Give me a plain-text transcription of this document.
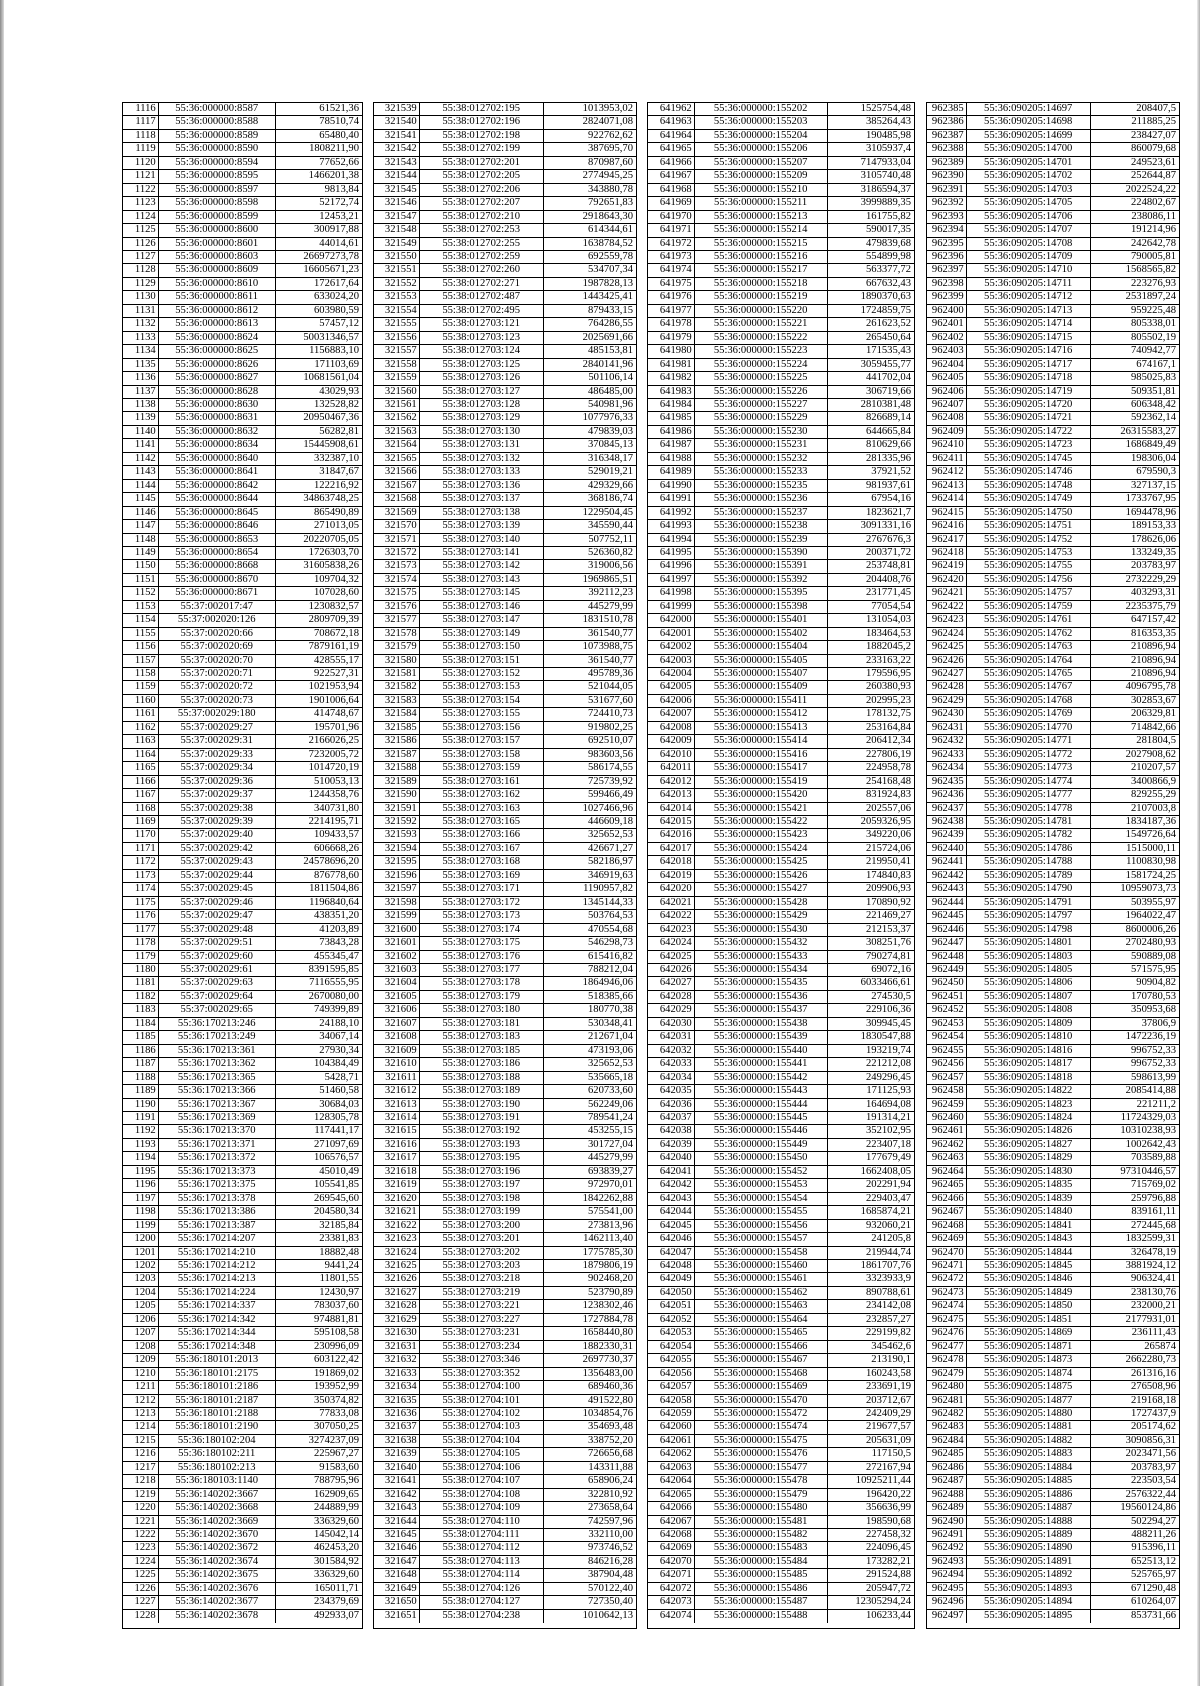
1116	55:36:000000:8587	61521,36
1117	55:36:000000:8588	78510,74
1118	55:36:000000:8589	65480,40
1119	55:36:000000:8590	1808211,90
1120	55:36:000000:8594	77652,66
1121	55:36:000000:8595	1466201,38
1122	55:36:000000:8597	9813,84
1123	55:36:000000:8598	52172,74
1124	55:36:000000:8599	12453,21
1125	55:36:000000:8600	300917,88
1126	55:36:000000:8601	44014,61
1127	55:36:000000:8603	26697273,78
1128	55:36:000000:8609	16605671,23
1129	55:36:000000:8610	172617,64
1130	55:36:000000:8611	633024,20
1131	55:36:000000:8612	603980,59
1132	55:36:000000:8613	57457,12
1133	55:36:000000:8624	50031346,57
1134	55:36:000000:8625	1156883,10
1135	55:36:000000:8626	171103,69
1136	55:36:000000:8627	10681561,04
1137	55:36:000000:8628	43029,93
1138	55:36:000000:8630	132528,82
1139	55:36:000000:8631	20950467,36
1140	55:36:000000:8632	56282,81
1141	55:36:000000:8634	15445908,61
1142	55:36:000000:8640	332387,10
1143	55:36:000000:8641	31847,67
1144	55:36:000000:8642	122216,92
1145	55:36:000000:8644	34863748,25
1146	55:36:000000:8645	865490,89
1147	55:36:000000:8646	271013,05
1148	55:36:000000:8653	20220705,05
1149	55:36:000000:8654	1726303,70
1150	55:36:000000:8668	31605838,26
1151	55:36:000000:8670	109704,32
1152	55:36:000000:8671	107028,60
1153	55:37:002017:47	1230832,57
1154	55:37:002020:126	2809709,39
1155	55:37:002020:66	708672,18
1156	55:37:002020:69	7879161,19
1157	55:37:002020:70	428555,17
1158	55:37:002020:71	922527,31
1159	55:37:002020:72	1021953,94
1160	55:37:002020:73	1901006,64
1161	55:37:002029:180	414748,67
1162	55:37:002029:27	195701,96
1163	55:37:002029:31	2166026,25
1164	55:37:002029:33	7232005,72
1165	55:37:002029:34	1014720,19
1166	55:37:002029:36	510053,13
1167	55:37:002029:37	1244358,76
1168	55:37:002029:38	340731,80
1169	55:37:002029:39	2214195,71
1170	55:37:002029:40	109433,57
1171	55:37:002029:42	606668,26
1172	55:37:002029:43	24578696,20
1173	55:37:002029:44	876778,60
1174	55:37:002029:45	1811504,86
1175	55:37:002029:46	1196840,64
1176	55:37:002029:47	438351,20
1177	55:37:002029:48	41203,89
1178	55:37:002029:51	73843,28
1179	55:37:002029:60	455345,47
1180	55:37:002029:61	8391595,85
1181	55:37:002029:63	7116555,95
1182	55:37:002029:64	2670080,00
1183	55:37:002029:65	749399,89
1184	55:36:170213:246	24188,10
1185	55:36:170213:249	34067,14
1186	55:36:170213:361	27930,34
1187	55:36:170213:362	104384,49
1188	55:36:170213:365	5428,71
1189	55:36:170213:366	51460,58
1190	55:36:170213:367	30684,03
1191	55:36:170213:369	128305,78
1192	55:36:170213:370	117441,17
1193	55:36:170213:371	271097,69
1194	55:36:170213:372	106576,57
1195	55:36:170213:373	45010,49
1196	55:36:170213:375	105541,85
1197	55:36:170213:378	269545,60
1198	55:36:170213:386	204580,34
1199	55:36:170213:387	32185,84
1200	55:36:170214:207	23381,83
1201	55:36:170214:210	18882,48
1202	55:36:170214:212	9441,24
1203	55:36:170214:213	11801,55
1204	55:36:170214:224	12430,97
1205	55:36:170214:337	783037,60
1206	55:36:170214:342	974881,81
1207	55:36:170214:344	595108,58
1208	55:36:170214:348	230996,09
1209	55:36:180101:2013	603122,42
1210	55:36:180101:2175	191869,02
1211	55:36:180101:2186	193952,99
1212	55:36:180101:2187	350374,82
1213	55:36:180101:2188	77833,08
1214	55:36:180101:2190	307050,25
1215	55:36:180102:204	3274237,09
1216	55:36:180102:211	225967,27
1217	55:36:180102:213	91583,60
1218	55:36:180103:1140	788795,96
1219	55:36:140202:3667	162909,65
1220	55:36:140202:3668	244889,99
1221	55:36:140202:3669	336329,60
1222	55:36:140202:3670	145042,14
1223	55:36:140202:3672	462453,20
1224	55:36:140202:3674	301584,92
1225	55:36:140202:3675	336329,60
1226	55:36:140202:3676	165011,71
1227	55:36:140202:3677	234379,69
1228	55:36:140202:3678	492933,07
321539	55:38:012702:195	1013953,02
321540	55:38:012702:196	2824071,08
321541	55:38:012702:198	922762,62
321542	55:38:012702:199	387695,70
321543	55:38:012702:201	870987,60
321544	55:38:012702:205	2774945,25
321545	55:38:012702:206	343880,78
321546	55:38:012702:207	792651,83
321547	55:38:012702:210	2918643,30
321548	55:38:012702:253	614344,61
321549	55:38:012702:255	1638784,52
321550	55:38:012702:259	692559,78
321551	55:38:012702:260	534707,34
321552	55:38:012702:271	1987828,13
321553	55:38:012702:487	1443425,41
321554	55:38:012702:495	879433,15
321555	55:38:012703:121	764286,55
321556	55:38:012703:123	2025691,66
321557	55:38:012703:124	485153,81
321558	55:38:012703:125	2840141,96
321559	55:38:012703:126	501106,14
321560	55:38:012703:127	486485,00
321561	55:38:012703:128	540981,96
321562	55:38:012703:129	1077976,33
321563	55:38:012703:130	479839,03
321564	55:38:012703:131	370845,13
321565	55:38:012703:132	316348,17
321566	55:38:012703:133	529019,21
321567	55:38:012703:136	429329,66
321568	55:38:012703:137	368186,74
321569	55:38:012703:138	1229504,45
321570	55:38:012703:139	345590,44
321571	55:38:012703:140	507752,11
321572	55:38:012703:141	526360,82
321573	55:38:012703:142	319006,56
321574	55:38:012703:143	1969865,51
321575	55:38:012703:145	392112,23
321576	55:38:012703:146	445279,99
321577	55:38:012703:147	1831510,78
321578	55:38:012703:149	361540,77
321579	55:38:012703:150	1073988,75
321580	55:38:012703:151	361540,77
321581	55:38:012703:152	495789,36
321582	55:38:012703:153	521044,05
321583	55:38:012703:154	531677,60
321584	55:38:012703:155	724410,73
321585	55:38:012703:156	919802,25
321586	55:38:012703:157	692510,07
321587	55:38:012703:158	983603,56
321588	55:38:012703:159	586174,55
321589	55:38:012703:161	725739,92
321590	55:38:012703:162	599466,49
321591	55:38:012703:163	1027466,96
321592	55:38:012703:165	446609,18
321593	55:38:012703:166	325652,53
321594	55:38:012703:167	426671,27
321595	55:38:012703:168	582186,97
321596	55:38:012703:169	346919,63
321597	55:38:012703:171	1190957,82
321598	55:38:012703:172	1345144,33
321599	55:38:012703:173	503764,53
321600	55:38:012703:174	470554,68
321601	55:38:012703:175	546298,73
321602	55:38:012703:176	615416,82
321603	55:38:012703:177	788212,04
321604	55:38:012703:178	1864946,06
321605	55:38:012703:179	518385,66
321606	55:38:012703:180	180770,38
321607	55:38:012703:181	530348,41
321608	55:38:012703:183	212671,04
321609	55:38:012703:185	473193,06
321610	55:38:012703:186	325652,53
321611	55:38:012703:188	535665,18
321612	55:38:012703:189	620733,60
321613	55:38:012703:190	562249,06
321614	55:38:012703:191	789541,24
321615	55:38:012703:192	453255,15
321616	55:38:012703:193	301727,04
321617	55:38:012703:195	445279,99
321618	55:38:012703:196	693839,27
321619	55:38:012703:197	972970,01
321620	55:38:012703:198	1842262,88
321621	55:38:012703:199	575541,00
321622	55:38:012703:200	273813,96
321623	55:38:012703:201	1462113,40
321624	55:38:012703:202	1775785,30
321625	55:38:012703:203	1879806,19
321626	55:38:012703:218	902468,20
321627	55:38:012703:219	523790,89
321628	55:38:012703:221	1238302,46
321629	55:38:012703:227	1727884,78
321630	55:38:012703:231	1658440,80
321631	55:38:012703:234	1882330,31
321632	55:38:012703:346	2697730,37
321633	55:38:012703:352	1356483,00
321634	55:38:012704:100	689460,36
321635	55:38:012704:101	491522,80
321636	55:38:012704:102	1034854,76
321637	55:38:012704:103	354693,48
321638	55:38:012704:104	338752,20
321639	55:38:012704:105	726656,68
321640	55:38:012704:106	143311,88
321641	55:38:012704:107	658906,24
321642	55:38:012704:108	322810,92
321643	55:38:012704:109	273658,64
321644	55:38:012704:110	742597,96
321645	55:38:012704:111	332110,00
321646	55:38:012704:112	973746,52
321647	55:38:012704:113	846216,28
321648	55:38:012704:114	387904,48
321649	55:38:012704:126	570122,40
321650	55:38:012704:127	727350,40
321651	55:38:012704:238	1010642,13
641962	55:36:000000:155202	1525754,48
641963	55:36:000000:155203	385264,43
641964	55:36:000000:155204	190485,98
641965	55:36:000000:155206	3105937,4
641966	55:36:000000:155207	7147933,04
641967	55:36:000000:155209	3105740,48
641968	55:36:000000:155210	3186594,37
641969	55:36:000000:155211	3999889,35
641970	55:36:000000:155213	161755,82
641971	55:36:000000:155214	590017,35
641972	55:36:000000:155215	479839,68
641973	55:36:000000:155216	554899,98
641974	55:36:000000:155217	563377,72
641975	55:36:000000:155218	667632,43
641976	55:36:000000:155219	1890370,63
641977	55:36:000000:155220	1724859,75
641978	55:36:000000:155221	261623,52
641979	55:36:000000:155222	265450,64
641980	55:36:000000:155223	171535,43
641981	55:36:000000:155224	3059455,77
641982	55:36:000000:155225	441702,04
641983	55:36:000000:155226	306719,66
641984	55:36:000000:155227	2810381,48
641985	55:36:000000:155229	826689,14
641986	55:36:000000:155230	644665,84
641987	55:36:000000:155231	810629,66
641988	55:36:000000:155232	281335,96
641989	55:36:000000:155233	37921,52
641990	55:36:000000:155235	981937,61
641991	55:36:000000:155236	67954,16
641992	55:36:000000:155237	1823621,7
641993	55:36:000000:155238	3091331,16
641994	55:36:000000:155239	2767676,3
641995	55:36:000000:155390	200371,72
641996	55:36:000000:155391	253748,81
641997	55:36:000000:155392	204408,76
641998	55:36:000000:155395	231771,45
641999	55:36:000000:155398	77054,54
642000	55:36:000000:155401	131054,03
642001	55:36:000000:155402	183464,53
642002	55:36:000000:155404	1882045,2
642003	55:36:000000:155405	233163,22
642004	55:36:000000:155407	179596,95
642005	55:36:000000:155409	260380,93
642006	55:36:000000:155411	202995,23
642007	55:36:000000:155412	178132,75
642008	55:36:000000:155413	253164,84
642009	55:36:000000:155414	206412,34
642010	55:36:000000:155416	227806,19
642011	55:36:000000:155417	224958,78
642012	55:36:000000:155419	254168,48
642013	55:36:000000:155420	831924,83
642014	55:36:000000:155421	202557,06
642015	55:36:000000:155422	2059326,95
642016	55:36:000000:155423	349220,06
642017	55:36:000000:155424	215724,06
642018	55:36:000000:155425	219950,41
642019	55:36:000000:155426	174840,83
642020	55:36:000000:155427	209906,93
642021	55:36:000000:155428	170890,92
642022	55:36:000000:155429	221469,27
642023	55:36:000000:155430	212153,37
642024	55:36:000000:155432	308251,76
642025	55:36:000000:155433	790274,81
642026	55:36:000000:155434	69072,16
642027	55:36:000000:155435	6033466,61
642028	55:36:000000:155436	274530,5
642029	55:36:000000:155437	229106,36
642030	55:36:000000:155438	309945,45
642031	55:36:000000:155439	1830547,88
642032	55:36:000000:155440	193219,74
642033	55:36:000000:155441	221212,08
642034	55:36:000000:155442	249296,45
642035	55:36:000000:155443	171125,93
642036	55:36:000000:155444	164694,08
642037	55:36:000000:155445	191314,21
642038	55:36:000000:155446	352102,95
642039	55:36:000000:155449	223407,18
642040	55:36:000000:155450	177679,49
642041	55:36:000000:155452	1662408,05
642042	55:36:000000:155453	202291,94
642043	55:36:000000:155454	229403,47
642044	55:36:000000:155455	1685874,21
642045	55:36:000000:155456	932060,21
642046	55:36:000000:155457	241205,8
642047	55:36:000000:155458	219944,74
642048	55:36:000000:155460	1861707,76
642049	55:36:000000:155461	3323933,9
642050	55:36:000000:155462	890788,61
642051	55:36:000000:155463	234142,08
642052	55:36:000000:155464	232857,27
642053	55:36:000000:155465	229199,82
642054	55:36:000000:155466	345462,6
642055	55:36:000000:155467	213190,1
642056	55:36:000000:155468	160243,58
642057	55:36:000000:155469	233691,19
642058	55:36:000000:155470	203712,67
642059	55:36:000000:155472	242409,29
642060	55:36:000000:155474	219677,57
642061	55:36:000000:155475	205631,09
642062	55:36:000000:155476	117150,5
642063	55:36:000000:155477	272167,94
642064	55:36:000000:155478	10925211,44
642065	55:36:000000:155479	196420,22
642066	55:36:000000:155480	356636,99
642067	55:36:000000:155481	198590,68
642068	55:36:000000:155482	227458,32
642069	55:36:000000:155483	224096,45
642070	55:36:000000:155484	173282,21
642071	55:36:000000:155485	291524,88
642072	55:36:000000:155486	205947,72
642073	55:36:000000:155487	12305294,24
642074	55:36:000000:155488	106233,44
962385	55:36:090205:14697	208407,5
962386	55:36:090205:14698	211885,25
962387	55:36:090205:14699	238427,07
962388	55:36:090205:14700	860079,68
962389	55:36:090205:14701	249523,61
962390	55:36:090205:14702	252644,87
962391	55:36:090205:14703	2022524,22
962392	55:36:090205:14705	224802,67
962393	55:36:090205:14706	238086,11
962394	55:36:090205:14707	191214,96
962395	55:36:090205:14708	242642,78
962396	55:36:090205:14709	790005,81
962397	55:36:090205:14710	1568565,82
962398	55:36:090205:14711	223276,93
962399	55:36:090205:14712	2531897,24
962400	55:36:090205:14713	959225,48
962401	55:36:090205:14714	805338,01
962402	55:36:090205:14715	805502,19
962403	55:36:090205:14716	740942,77
962404	55:36:090205:14717	674167,1
962405	55:36:090205:14718	985025,83
962406	55:36:090205:14719	509351,81
962407	55:36:090205:14720	606348,42
962408	55:36:090205:14721	592362,14
962409	55:36:090205:14722	26315583,27
962410	55:36:090205:14723	1686849,49
962411	55:36:090205:14745	198306,04
962412	55:36:090205:14746	679590,3
962413	55:36:090205:14748	327137,15
962414	55:36:090205:14749	1733767,95
962415	55:36:090205:14750	1694478,96
962416	55:36:090205:14751	189153,33
962417	55:36:090205:14752	178626,06
962418	55:36:090205:14753	133249,35
962419	55:36:090205:14755	203783,97
962420	55:36:090205:14756	2732229,29
962421	55:36:090205:14757	403293,31
962422	55:36:090205:14759	2235375,79
962423	55:36:090205:14761	647157,42
962424	55:36:090205:14762	816353,35
962425	55:36:090205:14763	210896,94
962426	55:36:090205:14764	210896,94
962427	55:36:090205:14765	210896,94
962428	55:36:090205:14767	4096795,78
962429	55:36:090205:14768	302853,67
962430	55:36:090205:14769	206329,81
962431	55:36:090205:14770	714842,66
962432	55:36:090205:14771	281804,5
962433	55:36:090205:14772	2027908,62
962434	55:36:090205:14773	210207,57
962435	55:36:090205:14774	3400866,9
962436	55:36:090205:14777	829255,29
962437	55:36:090205:14778	2107003,8
962438	55:36:090205:14781	1834187,36
962439	55:36:090205:14782	1549726,64
962440	55:36:090205:14786	1515000,11
962441	55:36:090205:14788	1100830,98
962442	55:36:090205:14789	1581724,25
962443	55:36:090205:14790	10959073,73
962444	55:36:090205:14791	503955,97
962445	55:36:090205:14797	1964022,47
962446	55:36:090205:14798	8600006,26
962447	55:36:090205:14801	2702480,93
962448	55:36:090205:14803	590889,08
962449	55:36:090205:14805	571575,95
962450	55:36:090205:14806	90904,82
962451	55:36:090205:14807	170780,53
962452	55:36:090205:14808	350953,68
962453	55:36:090205:14809	37806,9
962454	55:36:090205:14810	1472236,19
962455	55:36:090205:14816	996752,33
962456	55:36:090205:14817	996752,33
962457	55:36:090205:14818	598613,99
962458	55:36:090205:14822	2085414,88
962459	55:36:090205:14823	221211,2
962460	55:36:090205:14824	11724329,03
962461	55:36:090205:14826	10310238,93
962462	55:36:090205:14827	1002642,43
962463	55:36:090205:14829	703589,88
962464	55:36:090205:14830	97310446,57
962465	55:36:090205:14835	715769,02
962466	55:36:090205:14839	259796,88
962467	55:36:090205:14840	839161,11
962468	55:36:090205:14841	272445,68
962469	55:36:090205:14843	1832599,31
962470	55:36:090205:14844	326478,19
962471	55:36:090205:14845	3881924,12
962472	55:36:090205:14846	906324,41
962473	55:36:090205:14849	238130,76
962474	55:36:090205:14850	232000,21
962475	55:36:090205:14851	2177931,01
962476	55:36:090205:14869	236111,43
962477	55:36:090205:14871	265874
962478	55:36:090205:14873	2662280,73
962479	55:36:090205:14874	261316,16
962480	55:36:090205:14875	276508,96
962481	55:36:090205:14877	219168,18
962482	55:36:090205:14880	1727437,9
962483	55:36:090205:14881	205174,62
962484	55:36:090205:14882	3090856,31
962485	55:36:090205:14883	2023471,56
962486	55:36:090205:14884	203783,97
962487	55:36:090205:14885	223503,54
962488	55:36:090205:14886	2576322,44
962489	55:36:090205:14887	19560124,86
962490	55:36:090205:14888	502294,27
962491	55:36:090205:14889	488211,26
962492	55:36:090205:14890	915396,11
962493	55:36:090205:14891	652513,12
962494	55:36:090205:14892	525765,97
962495	55:36:090205:14893	671290,48
962496	55:36:090205:14894	610264,07
962497	55:36:090205:14895	853731,66
